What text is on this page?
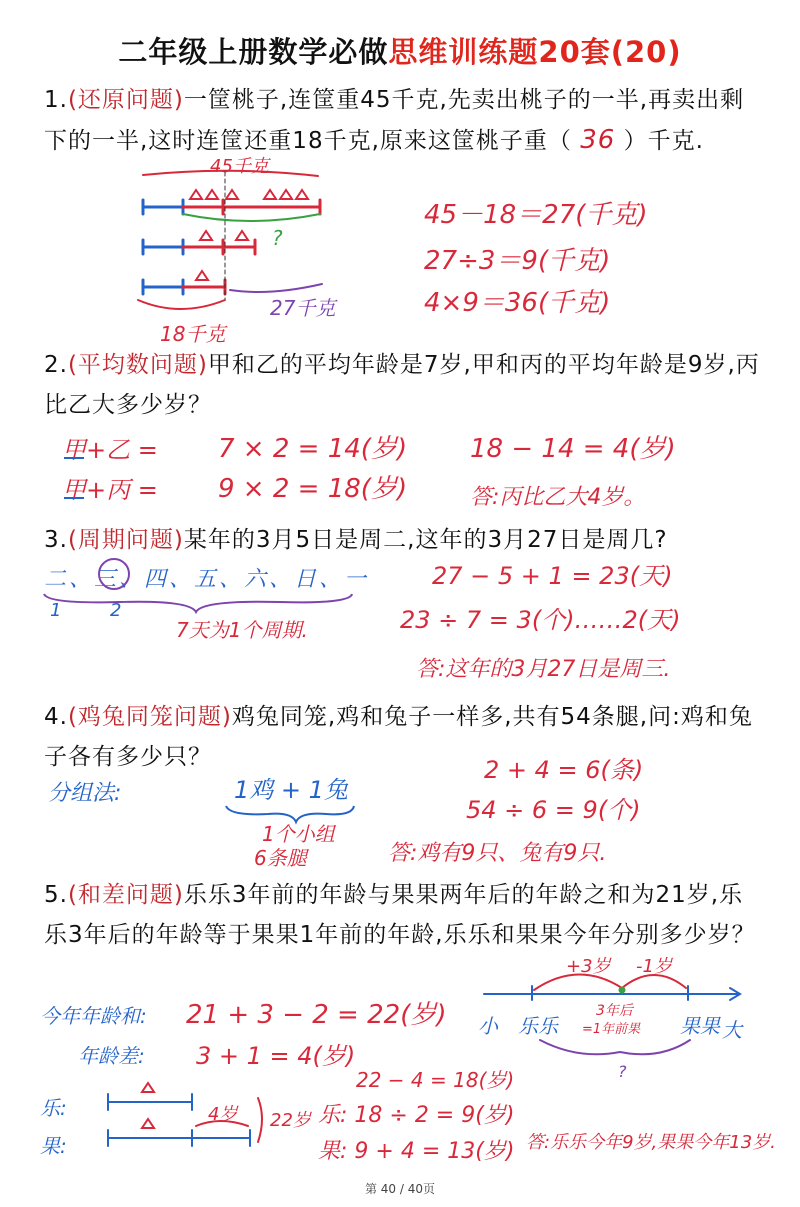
二年级上册数学必做思维训练题20套(20)
1.(还原问题)一筐桃子,连筐重45千克,先卖出桃子的一半,再卖出剩下的一半,这时连筐还重18千克,原来这筐桃子重（ 36 ）千克.
45千克
?
27千克
18千克
45－18＝27(千克)
27÷3＝9(千克)
4×9＝36(千克)
2.(平均数问题)甲和乙的平均年龄是7岁,甲和丙的平均年龄是9岁,丙比乙大多少岁？
甲+乙 =
甲+丙 =
7 × 2 = 14(岁)
9 × 2 = 18(岁)
18 − 14 = 4(岁)
答:丙比乙大4岁。
3.(周期问题)某年的3月5日是周二,这年的3月27日是周几?
二、三、四、五、六、日、一
1	2
7天为1个周期.
27 − 5 + 1 = 23(天)
23 ÷ 7 = 3(个)……2(天)
答:这年的3月27日是周三.
4.(鸡兔同笼问题)鸡兔同笼,鸡和兔子一样多,共有54条腿,问:鸡和兔子各有多少只？
分组法:	1鸡 + 1兔
1个小组
6条腿
2 + 4 = 6(条)
54 ÷ 6 = 9(个)
答:鸡有9只、兔有9只.
5.(和差问题)乐乐3年前的年龄与果果两年后的年龄之和为21岁,乐乐3年后的年龄等于果果1年前的年龄,乐乐和果果今年分别多少岁？
今年年龄和: 21 + 3 − 2 = 22(岁)
年龄差: 3 + 1 = 4(岁)
22 − 4 = 18(岁)
乐: 18 ÷ 2 = 9(岁)
果: 9 + 4 = 13(岁) 答:乐乐今年9岁,果果今年13岁.
+3岁 -1岁
小 乐乐	果果 大
3年后
=1年前果
?
乐:
果:
4岁 22岁
第 40 / 40页
